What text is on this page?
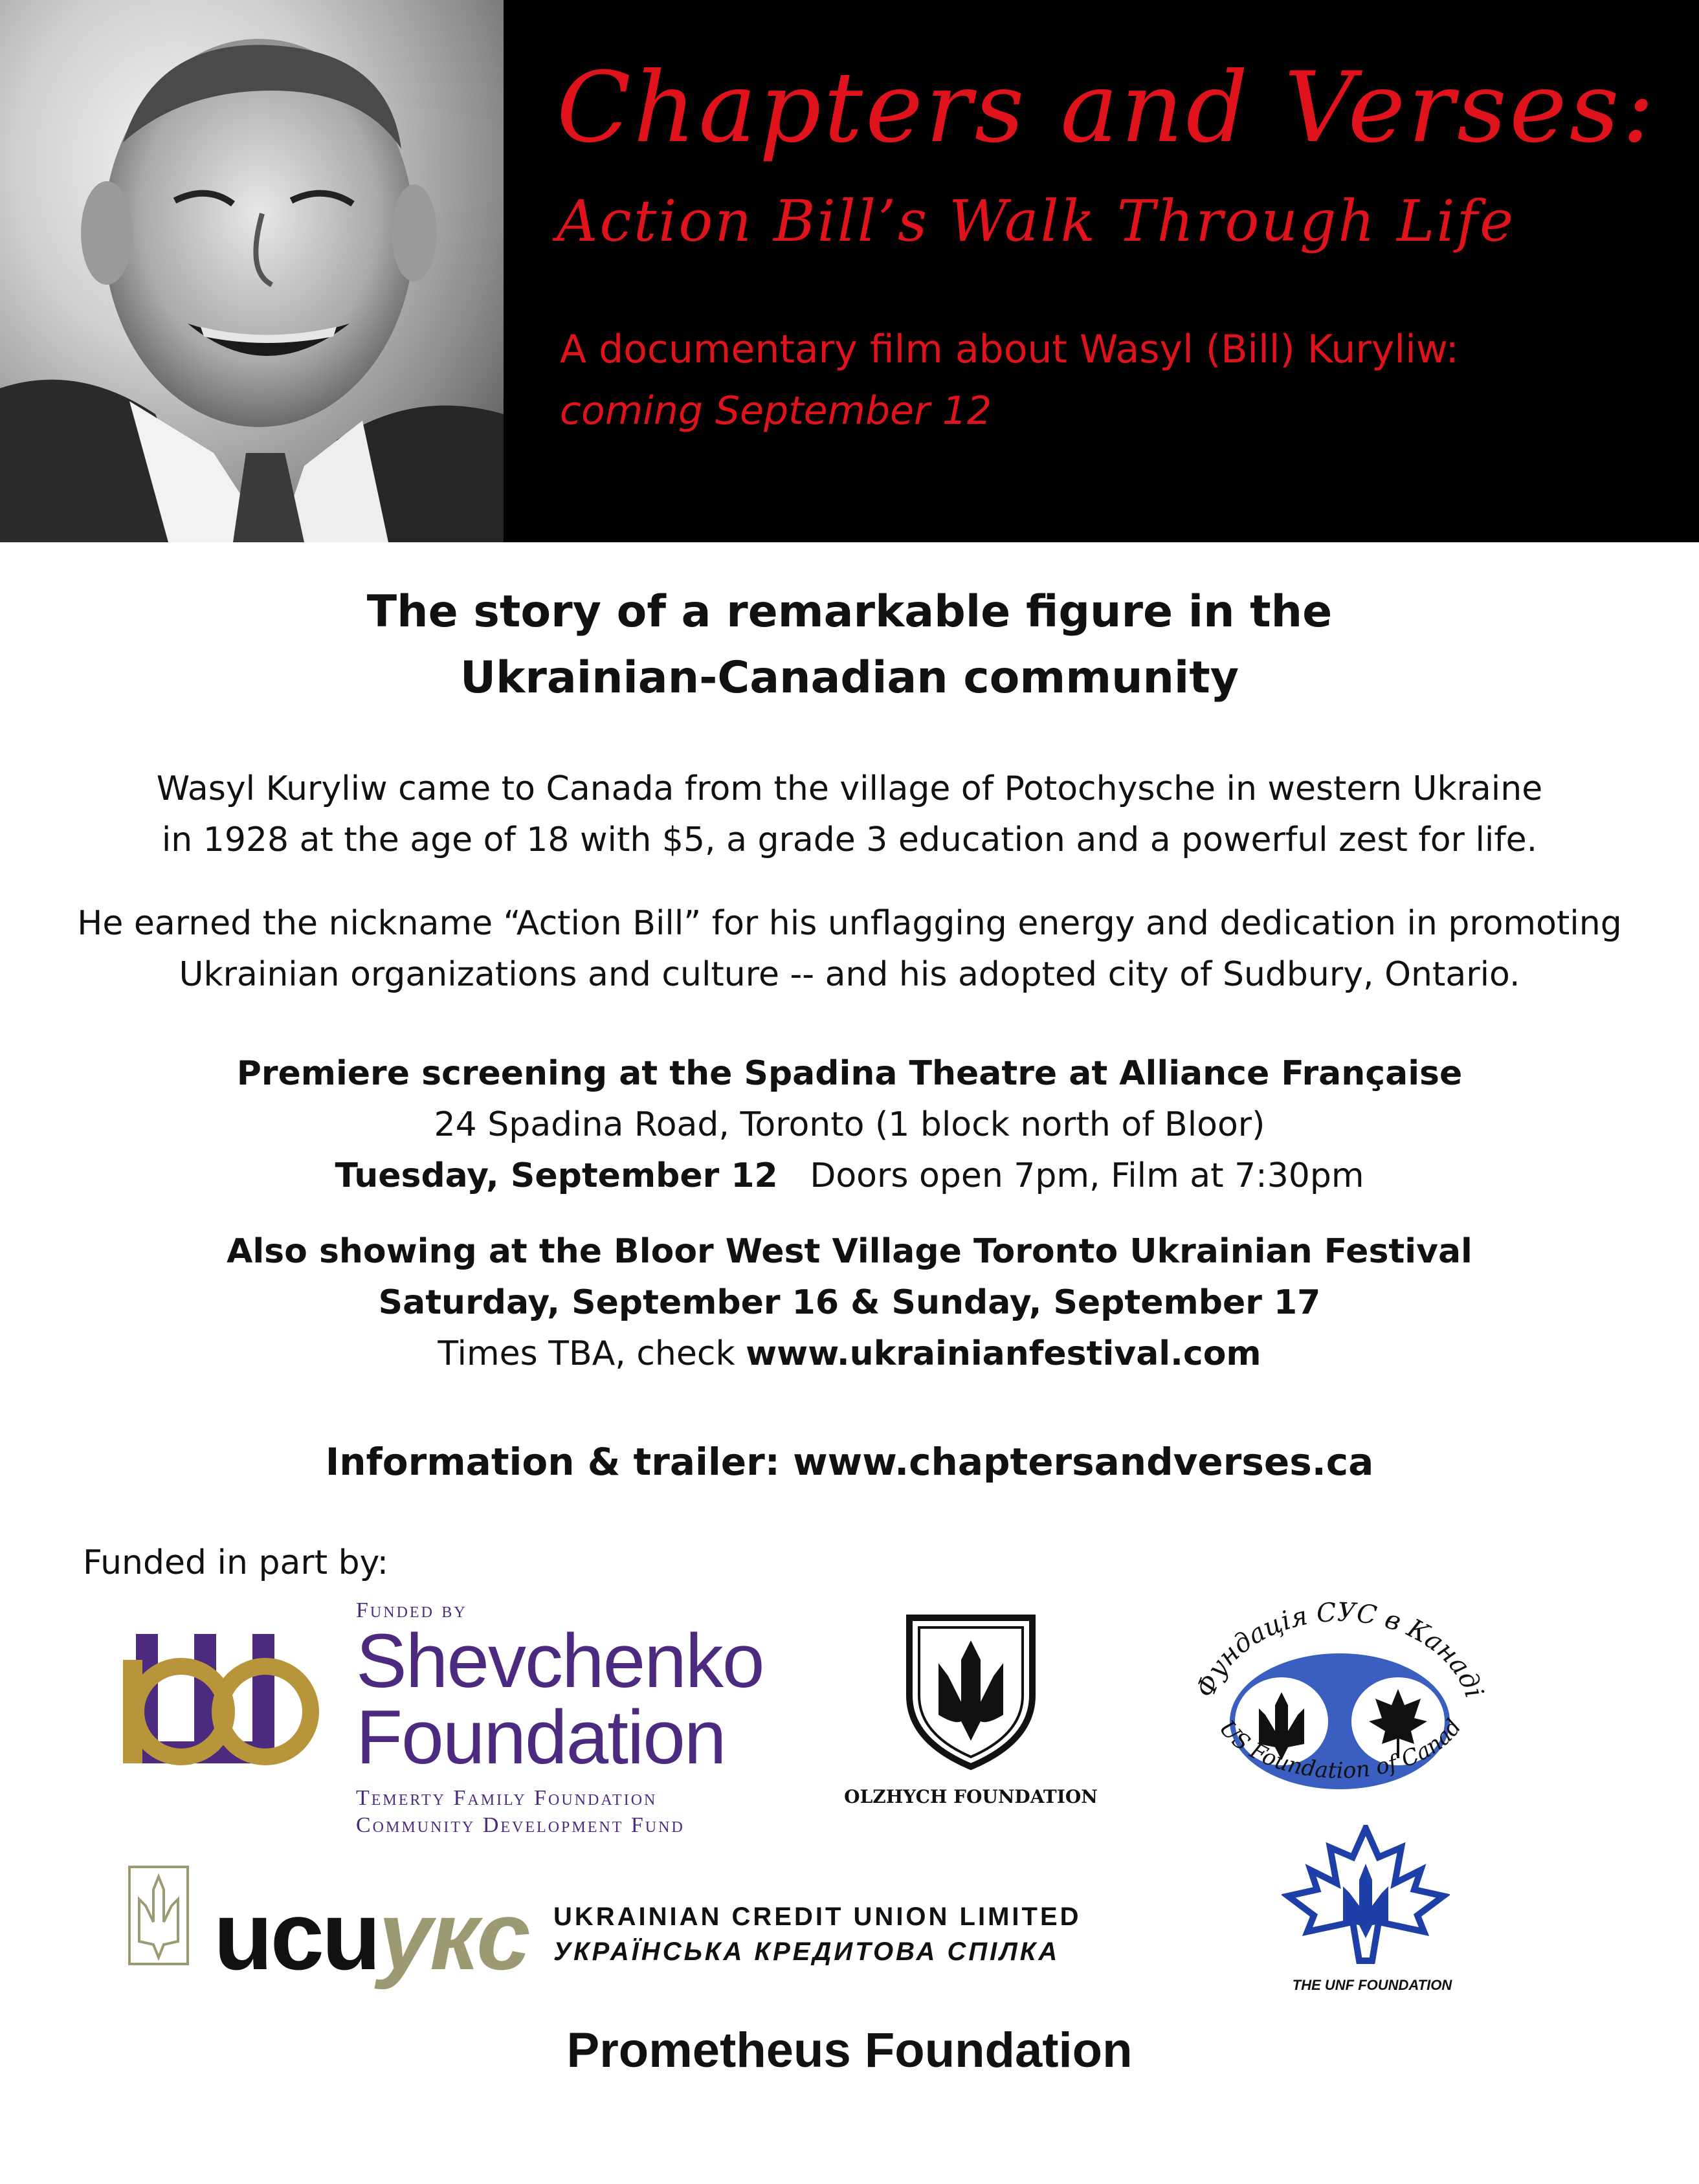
Chapters and Verses:
Action Bill’s Walk Through Life
A documentary film about Wasyl (Bill) Kuryliw:
coming September 12
The story of a remarkable figure in the
Ukrainian-Canadian community
Wasyl Kuryliw came to Canada from the village of Potochysche in western Ukraine
in 1928 at the age of 18 with $5, a grade 3 education and a powerful zest for life.
He earned the nickname “Action Bill” for his unflagging energy and dedication in promoting
Ukrainian organizations and culture -- and his adopted city of Sudbury, Ontario.
Premiere screening at the Spadina Theatre at Alliance Française
24 Spadina Road, Toronto (1 block north of Bloor)
Tuesday, September 12 Doors open 7pm, Film at 7:30pm
Also showing at the Bloor West Village Toronto Ukrainian Festival
Saturday, September 16 & Sunday, September 17
Times TBA, check www.ukrainianfestival.com
Information & trailer: www.chaptersandverses.ca
Funded in part by:
Funded by
Shevchenko
Foundation
Temerty Family Foundation
Community Development Fund
OLZHYCH FOUNDATION
Фундація СУС в Канаді
US Foundation of Canad
ucuукс UKRAINIAN CREDIT UNION LIMITED
УКРАЇНСЬКА КРЕДИТОВА СПІЛКА
THE UNF FOUNDATION
Prometheus Foundation
